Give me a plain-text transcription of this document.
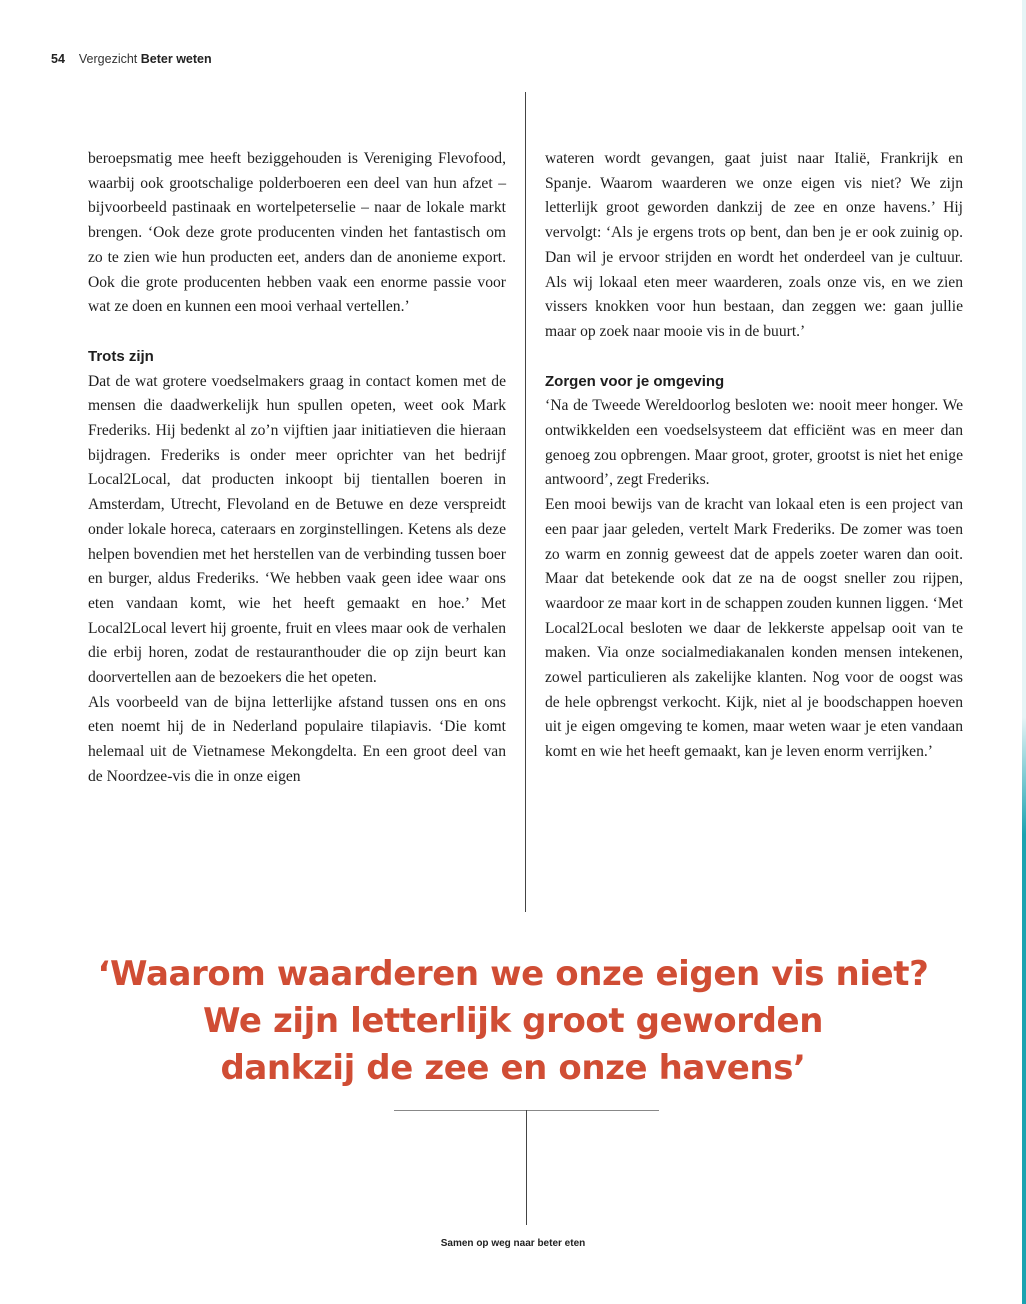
54 Vergezicht Beter weten

beroepsmatig mee heeft beziggehouden is Vereniging Flevofood, waarbij ook grootschalige polderboeren een deel van hun afzet – bijvoorbeeld pastinaak en wortelpeterselie – naar de lokale markt brengen. ‘Ook deze grote producenten vinden het fantastisch om zo te zien wie hun producten eet, anders dan de anonieme export. Ook die grote producenten hebben vaak een enorme passie voor wat ze doen en kunnen een mooi verhaal vertellen.’

Trots zijn

Dat de wat grotere voedselmakers graag in contact komen met de mensen die daadwerkelijk hun spullen opeten, weet ook Mark Frederiks. Hij bedenkt al zo’n vijftien jaar initiatieven die hieraan bijdragen. Frederiks is onder meer oprichter van het bedrijf Local2Local, dat producten inkoopt bij tientallen boeren in Amsterdam, Utrecht, Flevoland en de Betuwe en deze verspreidt onder lokale horeca, cateraars en zorginstellingen. Ketens als deze helpen bovendien met het herstellen van de verbinding tussen boer en burger, aldus Frederiks. ‘We hebben vaak geen idee waar ons eten vandaan komt, wie het heeft gemaakt en hoe.’ Met Local2Local levert hij groente, fruit en vlees maar ook de verhalen die erbij horen, zodat de restauranthouder die op zijn beurt kan doorvertellen aan de bezoekers die het opeten.

Als voorbeeld van de bijna letterlijke afstand tussen ons en ons eten noemt hij de in Nederland populaire tilapiavis. ‘Die komt helemaal uit de Vietnamese Mekongdelta. En een groot deel van de Noordzee-vis die in onze eigen

wateren wordt gevangen, gaat juist naar Italië, Frankrijk en Spanje. Waarom waarderen we onze eigen vis niet? We zijn letterlijk groot geworden dankzij de zee en onze havens.’ Hij vervolgt: ‘Als je ergens trots op bent, dan ben je er ook zuinig op. Dan wil je ervoor strijden en wordt het onderdeel van je cultuur. Als wij lokaal eten meer waarderen, zoals onze vis, en we zien vissers knokken voor hun bestaan, dan zeggen we: gaan jullie maar op zoek naar mooie vis in de buurt.’

Zorgen voor je omgeving

‘Na de Tweede Wereldoorlog besloten we: nooit meer honger. We ontwikkelden een voedselsysteem dat efficiënt was en meer dan genoeg zou opbrengen. Maar groot, groter, grootst is niet het enige antwoord’, zegt Frederiks.

Een mooi bewijs van de kracht van lokaal eten is een project van een paar jaar geleden, vertelt Mark Frederiks. De zomer was toen zo warm en zonnig geweest dat de appels zoeter waren dan ooit. Maar dat betekende ook dat ze na de oogst sneller zou rijpen, waardoor ze maar kort in de schappen zouden kunnen liggen. ‘Met Local2Local besloten we daar de lekkerste appelsap ooit van te maken. Via onze socialmediakanalen konden mensen intekenen, zowel particulieren als zakelijke klanten. Nog voor de oogst was de hele opbrengst verkocht. Kijk, niet al je boodschappen hoeven uit je eigen omgeving te komen, maar weten waar je eten vandaan komt en wie het heeft gemaakt, kan je leven enorm verrijken.’

‘Waarom waarderen we onze eigen vis niet?
We zijn letterlijk groot geworden
dankzij de zee en onze havens’
Samen op weg naar beter eten
